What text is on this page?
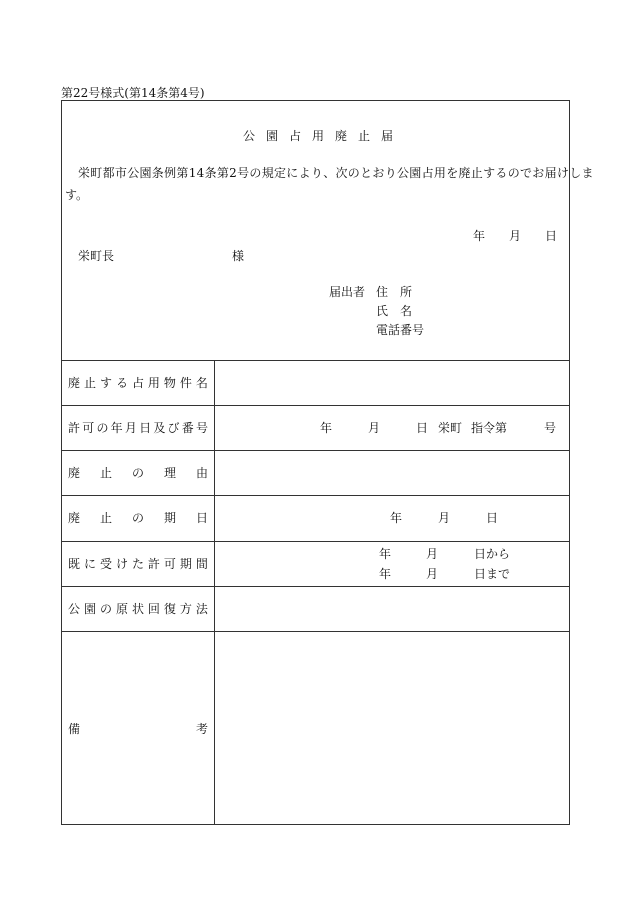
第22号様式(第14条第4号)
公園占用廃止届
栄町都市公園条例第14条第2号の規定により、次のとおり公園占用を廃止するのでお届けしま
す。
年 月 日
栄町長	様
届出者 住　所
氏　名
電話番号
廃 止 す る 占 用 物 件 名
許 可 の 年 月 日 及 び 番 号	年	月	日 栄町 指令第	号
廃 止 の 理 由
廃 止 の 期 日	年	月	日
既 に 受 け た 許 可 期 間
年	月	日から
年	月	日まで
公 園 の 原 状 回 復 方 法
備	考
